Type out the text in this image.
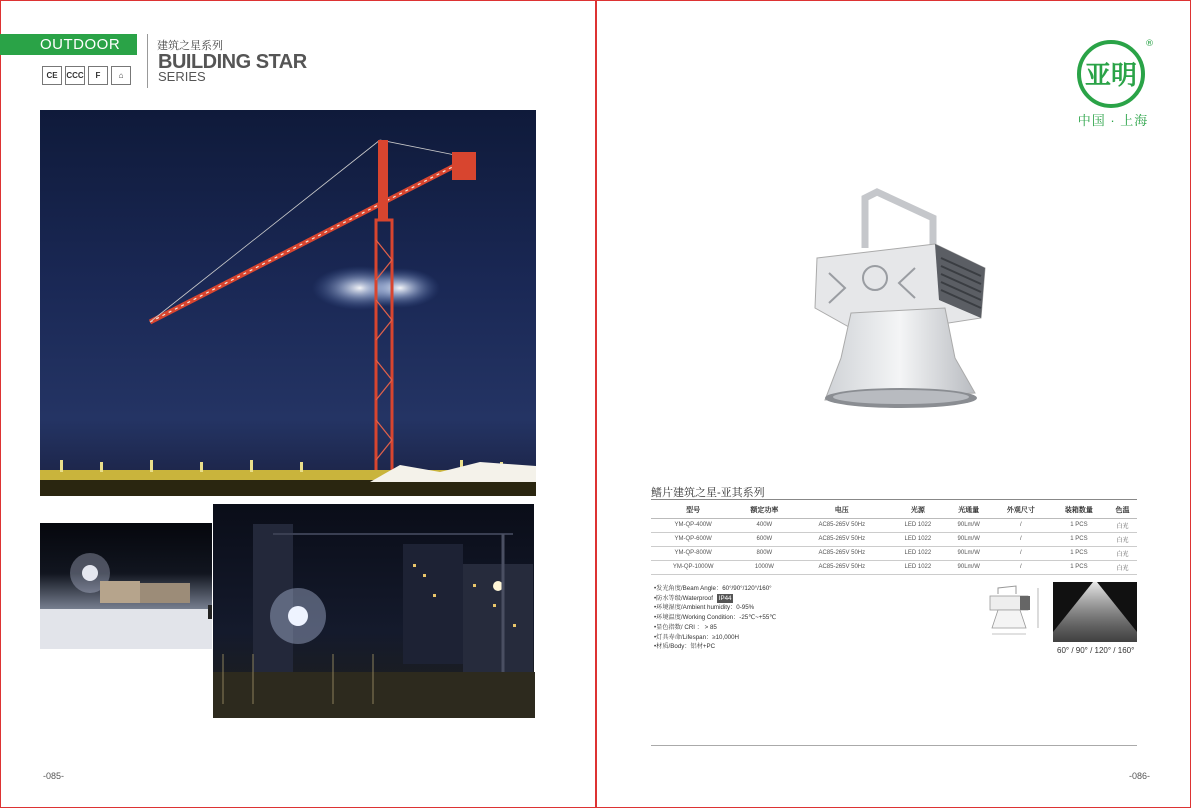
OUTDOOR	建筑之星系列
BUILDING STAR
SERIES
CE	CCC	F	⌂
-085-
亚明
®
中国 · 上海
鳍片建筑之星-亚其系列
型号	额定功率	电压	光源	光通量	外观尺寸	装箱数量	色温
YM-QP-400W	400W	AC85-265V 50Hz	LED 1022	90Lm/W	/	1 PCS	白光
YM-QP-600W	600W	AC85-265V 50Hz	LED 1022	90Lm/W	/	1 PCS	白光
YM-QP-800W	800W	AC85-265V 50Hz	LED 1022	90Lm/W	/	1 PCS	白光
YM-QP-1000W	1000W	AC85-265V 50Hz	LED 1022	90Lm/W	/	1 PCS	白光
•发光角度/Beam Angle：60°/90°/120°/160°
•防水等级/Waterproof IP44
•环境湿度/Ambient humidity：0-95%
•环境温度/Working Condition：-25℃~+55℃
•显色指数/ CRI ： > 85
•灯具寿命/Lifespan：≥10,000H
•材质/Body：铝材+PC	60° / 90° / 120° / 160°
-086-
